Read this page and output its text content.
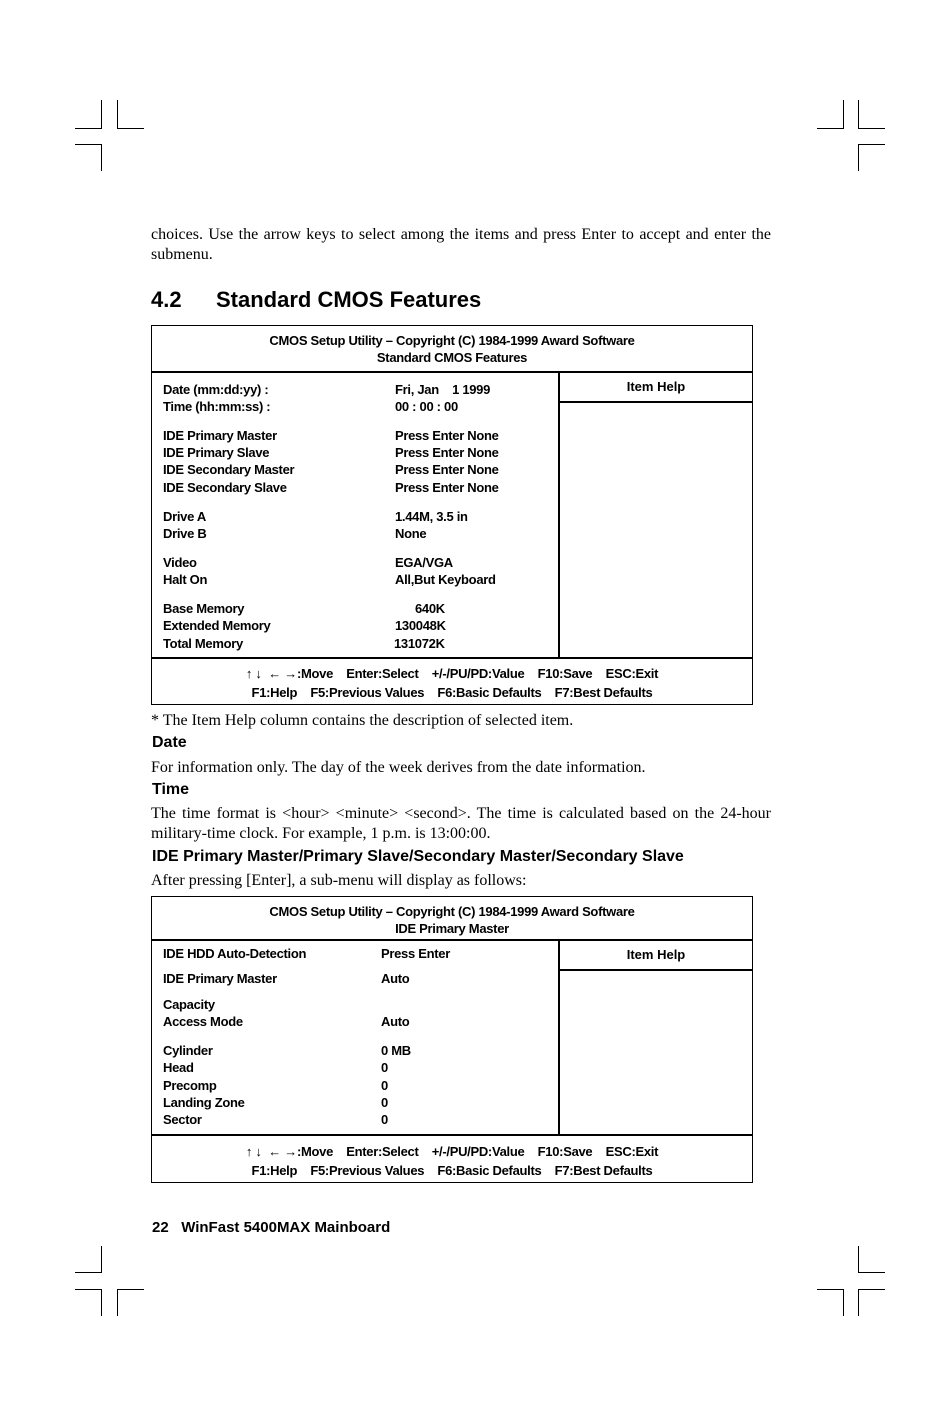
choices. Use the arrow keys to select among the items and press Enter to accept and enter the submenu.

4.2 Standard CMOS Features
CMOS Setup Utility – Copyright (C) 1984-1999 Award Software
Standard CMOS Features
Date (mm:dd:yy) :	Fri, Jan    1 1999
Time (hh:mm:ss) :	00 : 00 : 00
IDE Primary Master	Press Enter None
IDE Primary Slave	Press Enter None
IDE Secondary Master	Press Enter None
IDE Secondary Slave	Press Enter None
Drive A	1.44M, 3.5 in
Drive B	None
Video	EGA/VGA
Halt On	All,But Keyboard
Base Memory	640K
Extended Memory	130048K
Total Memory	131072K
Item Help
↑ ↓  ← →:Move    Enter:Select    +/-/PU/PD:Value    F10:Save    ESC:Exit
F1:Help    F5:Previous Values    F6:Basic Defaults    F7:Best Defaults

* The Item Help column contains the description of selected item.

Date

For information only. The day of the week derives from the date information.

Time

The time format is <hour> <minute> <second>. The time is calculated based on the 24-hour military-time clock. For example, 1 p.m. is 13:00:00.

IDE Primary Master/Primary Slave/Secondary Master/Secondary Slave

After pressing [Enter], a sub-menu will display as follows:

CMOS Setup Utility – Copyright (C) 1984-1999 Award Software
IDE Primary Master
IDE HDD Auto-Detection	Press Enter
IDE Primary Master	Auto
Capacity
Access Mode	Auto
Cylinder	0 MB
Head	0
Precomp	0
Landing Zone	0
Sector	0
Item Help
↑ ↓  ← →:Move    Enter:Select    +/-/PU/PD:Value    F10:Save    ESC:Exit
F1:Help    F5:Previous Values    F6:Basic Defaults    F7:Best Defaults

22 WinFast 5400MAX Mainboard
